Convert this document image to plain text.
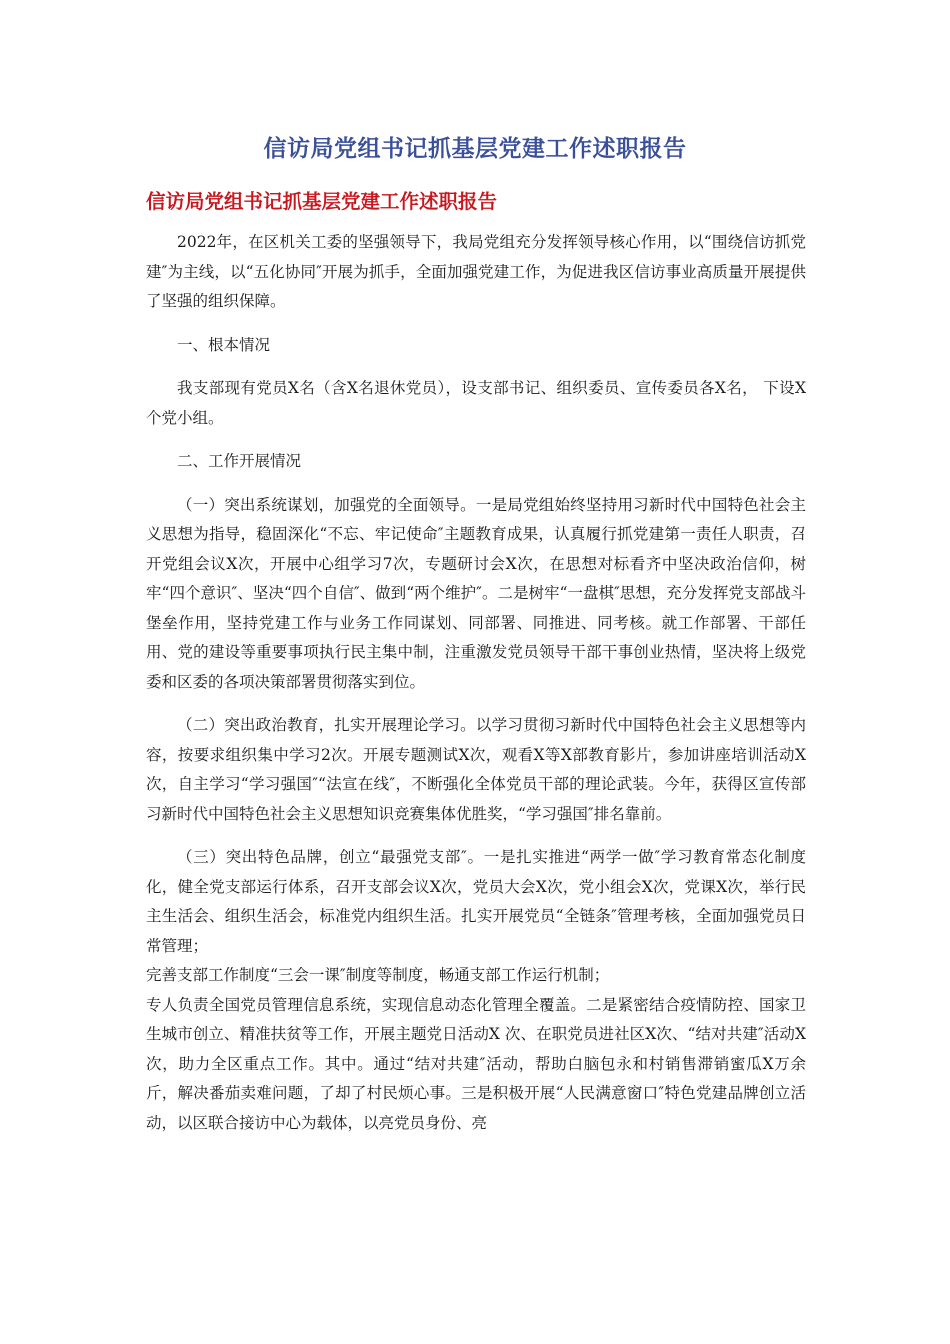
信访局党组书记抓基层党建工作述职报告
信访局党组书记抓基层党建工作述职报告

2022年，在区机关工委的坚强领导下，我局党组充分发挥领导核心作用，以“围绕信访抓党建″为主线，以“五化协同″开展为抓手，全面加强党建工作，为促进我区信访事业高质量开展提供了坚强的组织保障。

一、根本情况

我支部现有党员X名（含X名退休党员），设支部书记、组织委员、宣传委员各X名， 下设X个党小组。

二、工作开展情况

（一）突出系统谋划，加强党的全面领导。一是局党组始终坚持用习新时代中国特色社会主义思想为指导，稳固深化“不忘、牢记使命″主题教育成果，认真履行抓党建第一责任人职责，召开党组会议X次，开展中心组学习7次，专题研讨会X次，在思想对标看齐中坚决政治信仰，树牢“四个意识″、坚决“四个自信″、做到“两个维护″。二是树牢“一盘棋″思想，充分发挥党支部战斗堡垒作用，坚持党建工作与业务工作同谋划、同部署、同推进、同考核。就工作部署、干部任用、党的建设等重要事项执行民主集中制，注重激发党员领导干部干事创业热情，坚决将上级党委和区委的各项决策部署贯彻落实到位。

（二）突出政治教育，扎实开展理论学习。以学习贯彻习新时代中国特色社会主义思想等内容，按要求组织集中学习2次。开展专题测试X次，观看X等X部教育影片，参加讲座培训活动X次，自主学习“学习强国″“法宣在线″，不断强化全体党员干部的理论武装。今年，获得区宣传部习新时代中国特色社会主义思想知识竞赛集体优胜奖，“学习强国″排名靠前。

（三）突出特色品牌，创立“最强党支部″。一是扎实推进“两学一做″学习教育常态化制度化，健全党支部运行体系，召开支部会议X次，党员大会X次，党小组会X次，党课X次，举行民主生活会、组织生活会，标准党内组织生活。扎实开展党员“全链条″管理考核，全面加强党员日常管理；

完善支部工作制度“三会一课″制度等制度，畅通支部工作运行机制；

专人负责全国党员管理信息系统，实现信息动态化管理全覆盖。二是紧密结合疫情防控、国家卫生城市创立、精准扶贫等工作，开展主题党日活动X 次、在职党员进社区X次、“结对共建″活动X次，助力全区重点工作。其中。通过“结对共建″活动，帮助白脑包永和村销售滞销蜜瓜X万余斤，解决番茄卖难问题，了却了村民烦心事。三是积极开展“人民满意窗口″特色党建品牌创立活动，以区联合接访中心为载体，以亮党员身份、亮
